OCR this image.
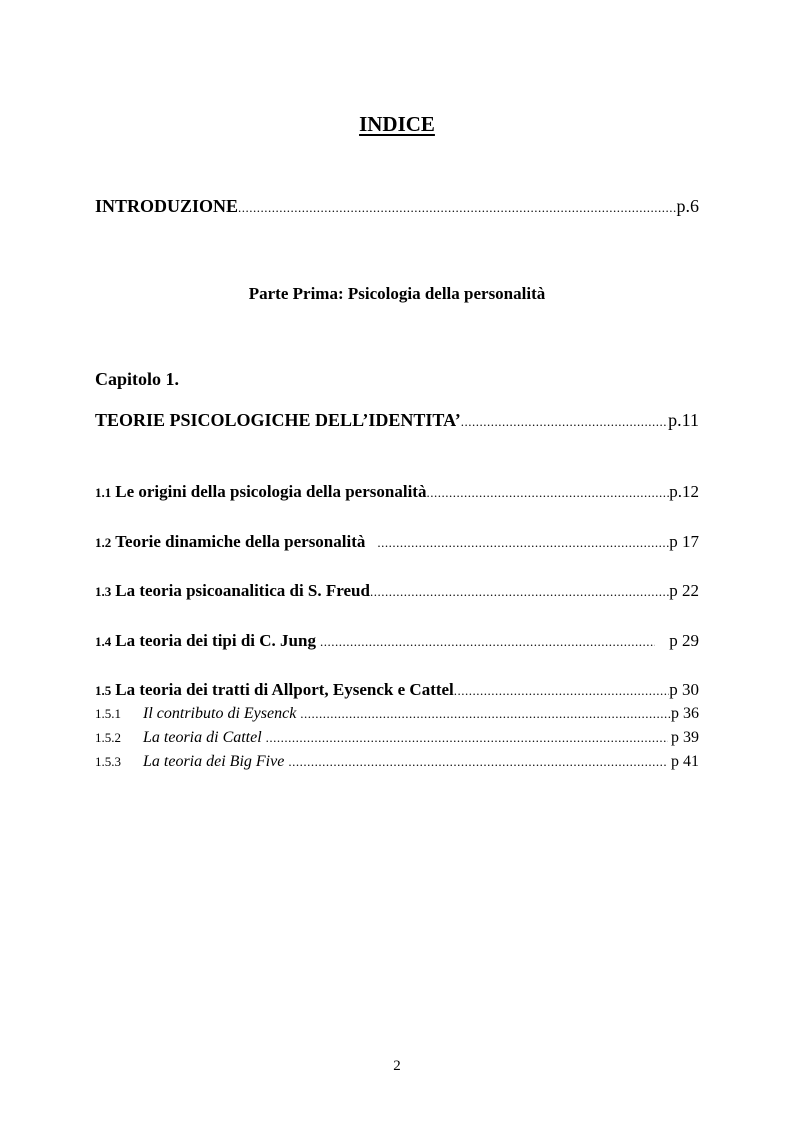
INDICE
INTRODUZIONE .....	p.6
Parte Prima: Psicologia della personalità
Capitolo 1.
TEORIE PSICOLOGICHE DELL’IDENTITA’ .....	p.11
1.1 Le origini della psicologia della personalità .....	p.12
1.2 Teorie dinamiche della personalità .....	p 17
1.3 La teoria psicoanalitica di S. Freud .....	p 22
1.4 La teoria dei tipi di C. Jung .....	p 29
1.5 La teoria dei tratti di Allport, Eysenck e Cattel .....	p 30
1.5.1	Il contributo di Eysenck .....	p 36
1.5.2	La teoria di Cattel .....	p 39
1.5.3	La teoria dei Big Five .....	p 41
2
